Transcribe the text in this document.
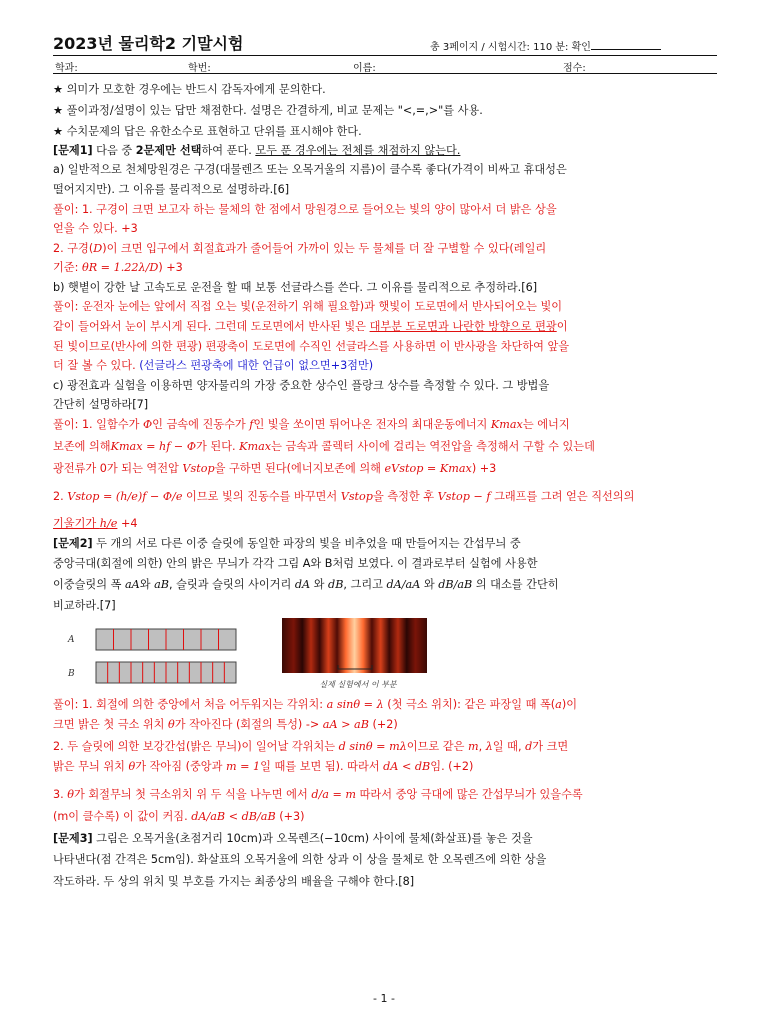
2023년 물리학2 기말시험	총 3페이지 / 시험시간: 110 분: 확인
학과:	학번:	이름:	점수:
★ 의미가 모호한 경우에는 반드시 감독자에게 문의한다.
★ 풀이과정/설명이 있는 답만 채점한다. 설명은 간결하게, 비교 문제는 "<,=,>"를 사용.
★ 수치문제의 답은 유한소수로 표현하고 단위를 표시해야 한다.
[문제1] 다음 중 2문제만 선택하여 푼다. 모두 푼 경우에는 전체를 채점하지 않는다.
a) 일반적으로 천체망원경은 구경(대물렌즈 또는 오목거울의 지름)이 클수록 좋다(가격이 비싸고 휴대성은
떨어지지만). 그 이유를 물리적으로 설명하라.[6]
풀이: 1. 구경이 크면 보고자 하는 물체의 한 점에서 망원경으로 들어오는 빛의 양이 많아서 더 밝은 상을
얻을 수 있다. +3
2. 구경(D)이 크면 입구에서 회절효과가 줄어들어 가까이 있는 두 물체를 더 잘 구별할 수 있다(레일리
기준: θR = 1.22λ/D) +3
b) 햇볕이 강한 날 고속도로 운전을 할 때 보통 선글라스를 쓴다. 그 이유를 물리적으로 추정하라.[6]
풀이: 운전자 눈에는 앞에서 직접 오는 빛(운전하기 위해 필요함)과 햇빛이 도로면에서 반사되어오는 빛이
같이 들어와서 눈이 부시게 된다. 그런데 도로면에서 반사된 빛은 대부분 도로면과 나란한 방향으로 편광이
된 빛이므로(반사에 의한 편광) 편광축이 도로면에 수직인 선글라스를 사용하면 이 반사광을 차단하여 앞을
더 잘 볼 수 있다. (선글라스 편광축에 대한 언급이 없으면+3점만)
c) 광전효과 실험을 이용하면 양자물리의 가장 중요한 상수인 플랑크 상수를 측정할 수 있다. 그 방법을
간단히 설명하라[7]
풀이: 1. 일함수가 Φ인 금속에 진동수가 f인 빛을 쏘이면 튀어나온 전자의 최대운동에너지 Kmax는 에너지
보존에 의해Kmax = hf − Φ가 된다. Kmax는 금속과 콜렉터 사이에 걸리는 역전압을 측정해서 구할 수 있는데
광전류가 0가 되는 역전압 Vstop을 구하면 된다(에너지보존에 의해 eVstop = Kmax) +3
2. Vstop = (h/e)f − Φ/e 이므로 빛의 진동수를 바꾸면서 Vstop을 측정한 후 Vstop − f 그래프를 그려 얻은 직선의의
기울기가 h/e +4
[문제2] 두 개의 서로 다른 이중 슬릿에 동일한 파장의 빛을 비추었을 때 만들어지는 간섭무늬 중
중앙극대(회절에 의한) 안의 밝은 무늬가 각각 그림 A와 B처럼 보였다. 이 결과로부터 실험에 사용한
이중슬릿의 폭 aA와 aB, 슬릿과 슬릿의 사이거리 dA 와 dB, 그리고 dA/aA 와 dB/aB 의 대소를 간단히
비교하라.[7]
A
B
실제 실험에서 이 부분
풀이: 1. 회절에 의한 중앙에서 처음 어두워지는 각위치: a sinθ = λ (첫 극소 위치): 같은 파장일 때 폭(a)이
크면 밝은 첫 극소 위치 θ가 작아진다 (회절의 특성) -> aA > aB (+2)
2. 두 슬릿에 의한 보강간섭(밝은 무늬)이 일어날 각위치는 d sinθ = mλ이므로 같은 m, λ일 때, d가 크면
밝은 무늬 위치 θ가 작아짐 (중앙과 m = 1일 때를 보면 됨). 따라서 dA < dB임. (+2)
3. θ가 회절무늬 첫 극소위치 위 두 식을 나누면 에서 d/a = m 따라서 중앙 극대에 많은 간섭무늬가 있을수록
(m이 클수록) 이 값이 커짐. dA/aB < dB/aB (+3)
[문제3] 그림은 오목거울(초점거리 10cm)과 오목렌즈(−10cm) 사이에 물체(화살표)를 놓은 것을
나타낸다(점 간격은 5cm임). 화살표의 오목거울에 의한 상과 이 상을 물체로 한 오목렌즈에 의한 상을
작도하라. 두 상의 위치 및 부호를 가지는 최종상의 배율을 구해야 한다.[8]
- 1 -
